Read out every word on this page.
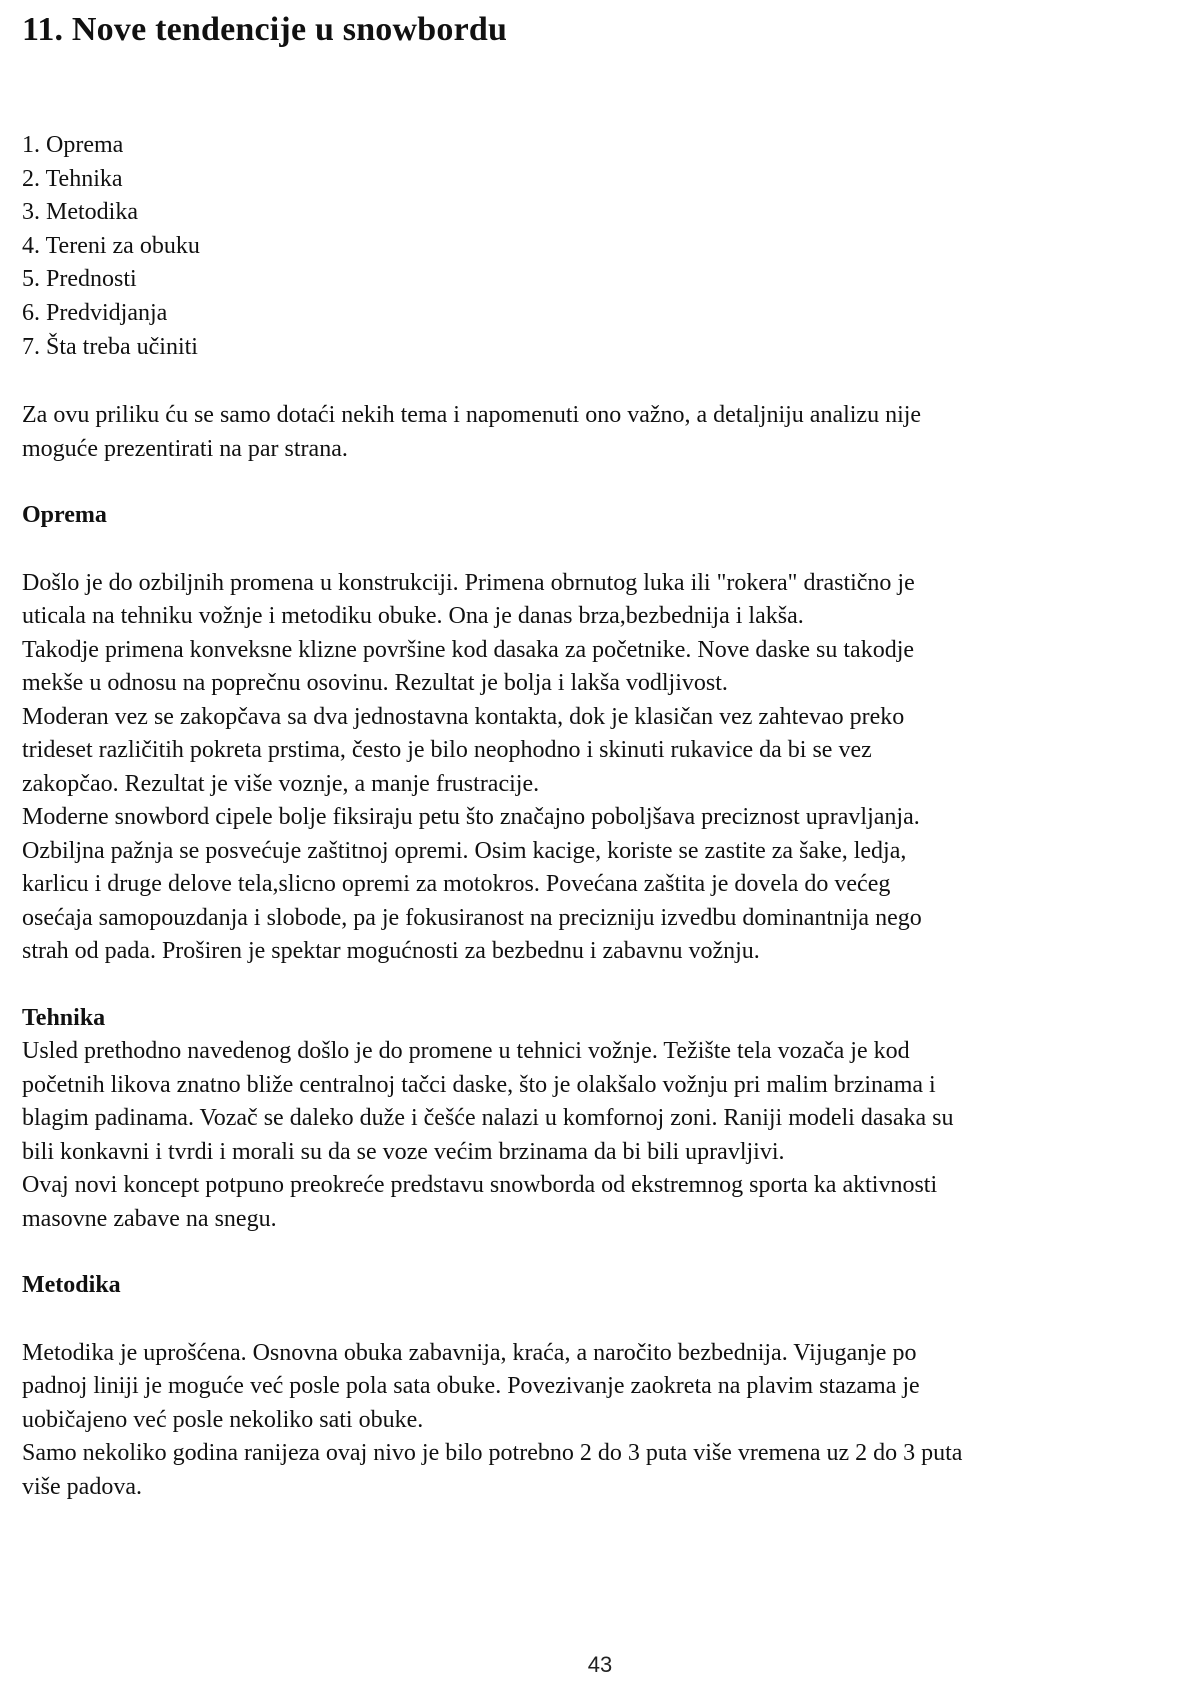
11. Nove tendencije u snowbordu
1. Oprema
2. Tehnika
3. Metodika
4. Tereni za obuku
5. Prednosti
6. Predvidjanja
7. Šta treba učiniti

Za ovu priliku ću se samo dotaći nekih tema i napomenuti ono važno, a detaljniju analizu nije
moguće prezentirati na par strana.

Oprema

Došlo je do ozbiljnih promena u konstrukciji. Primena obrnutog luka ili "rokera" drastično je
uticala na tehniku vožnje i metodiku obuke. Ona je danas brza,bezbednija i lakša.
Takodje primena konveksne klizne površine kod dasaka za početnike. Nove daske su takodje
mekše u odnosu na poprečnu osovinu. Rezultat je bolja i lakša vodljivost.
Moderan vez se zakopčava sa dva jednostavna kontakta, dok je klasičan vez zahtevao preko
trideset različitih pokreta prstima, često je bilo neophodno i skinuti rukavice da bi se vez
zakopčao. Rezultat je više voznje, a manje frustracije.
Moderne snowbord cipele bolje fiksiraju petu što značajno poboljšava preciznost upravljanja.
Ozbiljna pažnja se posvećuje zaštitnoj opremi. Osim kacige, koriste se zastite za šake, ledja,
karlicu i druge delove tela,slicno opremi za motokros. Povećana zaštita je dovela do većeg
osećaja samopouzdanja i slobode, pa je fokusiranost na precizniju izvedbu dominantnija nego
strah od pada. Proširen je spektar mogućnosti za bezbednu i zabavnu vožnju.

Tehnika

Usled prethodno navedenog došlo je do promene u tehnici vožnje. Težište tela vozača je kod
početnih likova znatno bliže centralnoj tačci daske, što je olakšalo vožnju pri malim brzinama i
blagim padinama. Vozač se daleko duže i češće nalazi u komfornoj zoni. Raniji modeli dasaka su
bili konkavni i tvrdi i morali su da se voze većim brzinama da bi bili upravljivi.
Ovaj novi koncept potpuno preokreće predstavu snowborda od ekstremnog sporta ka aktivnosti
masovne zabave na snegu.

Metodika

Metodika je uprošćena. Osnovna obuka zabavnija, kraća, a naročito bezbednija. Vijuganje po
padnoj liniji je moguće već posle pola sata obuke. Povezivanje zaokreta na plavim stazama je
uobičajeno već posle nekoliko sati obuke.
Samo nekoliko godina ranijeza ovaj nivo je bilo potrebno 2 do 3 puta više vremena uz 2 do 3 puta
više padova.

43
